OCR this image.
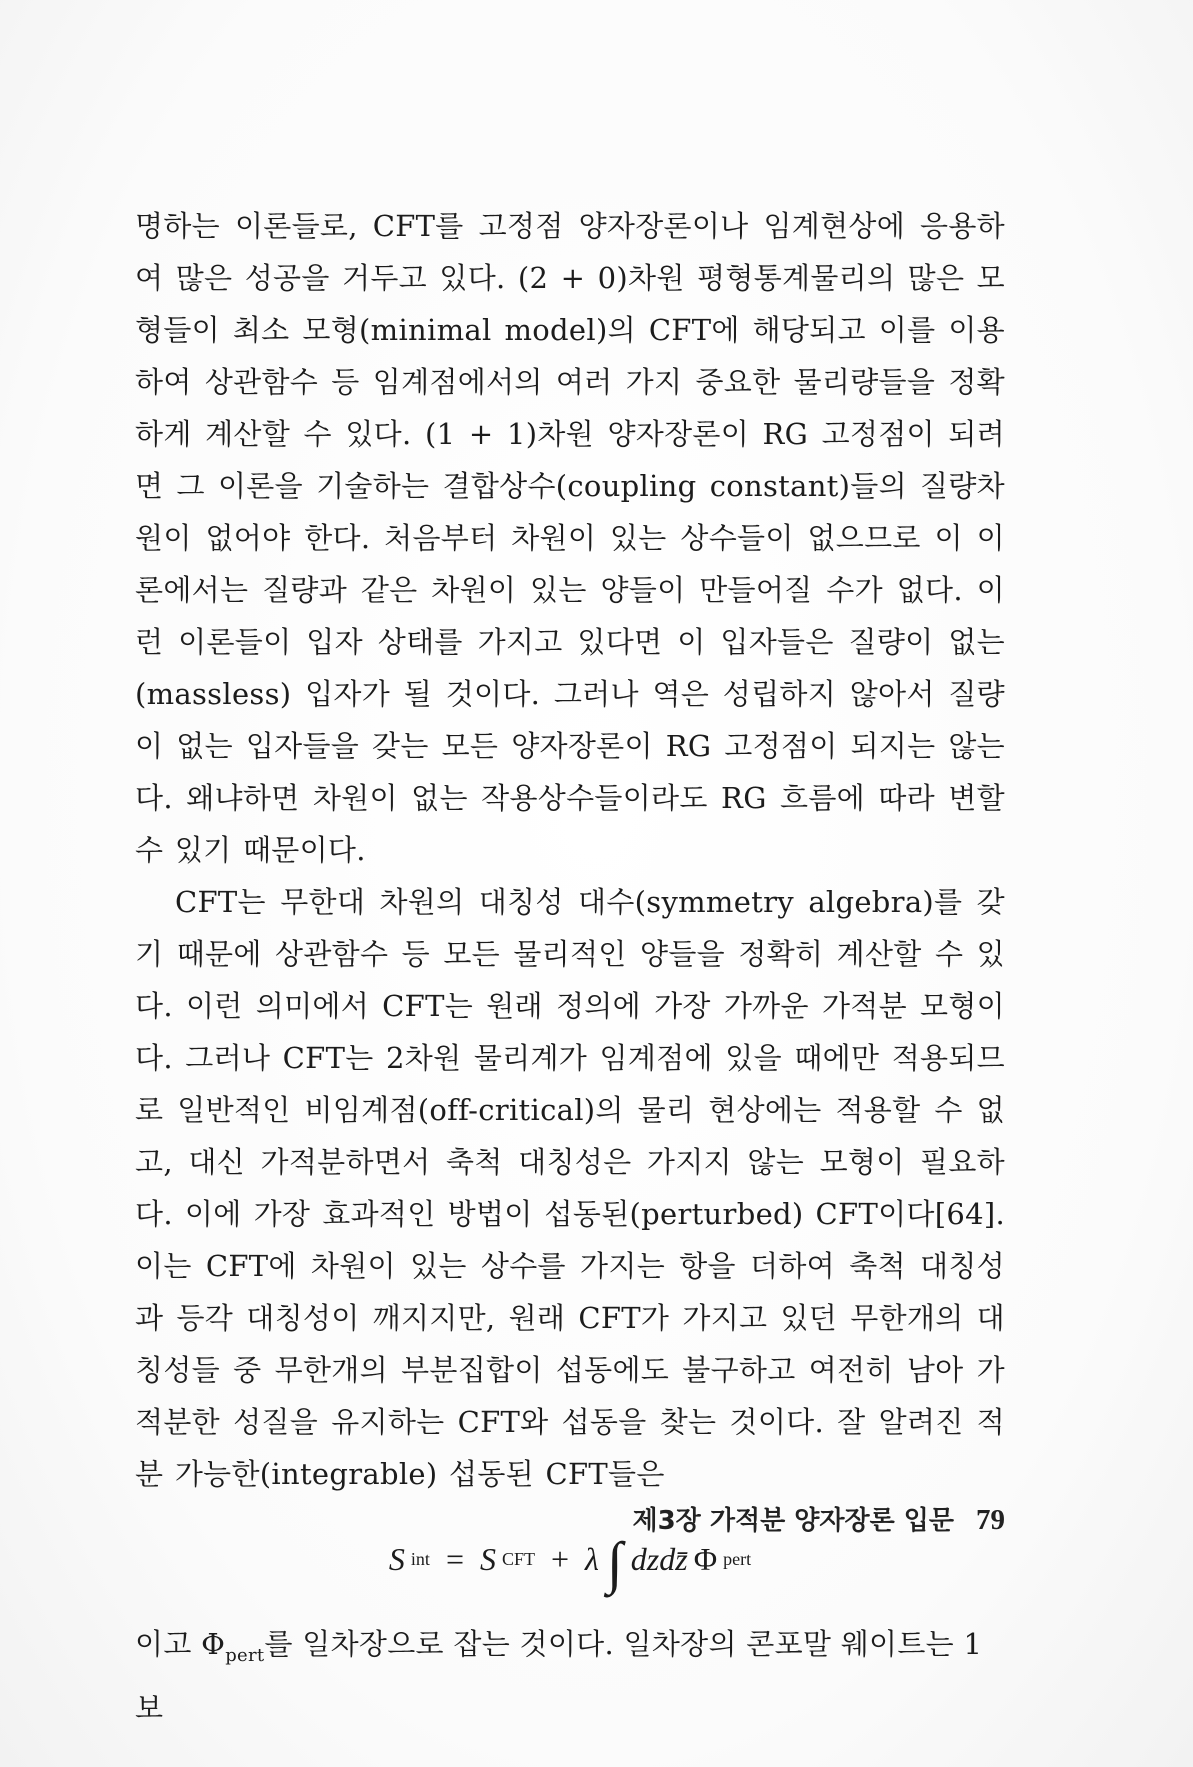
명하는 이론들로, CFT를 고정점 양자장론이나 임계현상에 응용하여 많은 성공을 거두고 있다. (2 + 0)차원 평형통계물리의 많은 모형들이 최소 모형(minimal model)의 CFT에 해당되고 이를 이용하여 상관함수 등 임계점에서의 여러 가지 중요한 물리량들을 정확하게 계산할 수 있다. (1 + 1)차원 양자장론이 RG 고정점이 되려면 그 이론을 기술하는 결합상수(coupling constant)들의 질량차원이 없어야 한다. 처음부터 차원이 있는 상수들이 없으므로 이 이론에서는 질량과 같은 차원이 있는 양들이 만들어질 수가 없다. 이런 이론들이 입자 상태를 가지고 있다면 이 입자들은 질량이 없는(massless) 입자가 될 것이다. 그러나 역은 성립하지 않아서 질량이 없는 입자들을 갖는 모든 양자장론이 RG 고정점이 되지는 않는다. 왜냐하면 차원이 없는 작용상수들이라도 RG 흐름에 따라 변할 수 있기 때문이다.

CFT는 무한대 차원의 대칭성 대수(symmetry algebra)를 갖기 때문에 상관함수 등 모든 물리적인 양들을 정확히 계산할 수 있다. 이런 의미에서 CFT는 원래 정의에 가장 가까운 가적분 모형이다. 그러나 CFT는 2차원 물리계가 임계점에 있을 때에만 적용되므로 일반적인 비임계점(off-critical)의 물리 현상에는 적용할 수 없고, 대신 가적분하면서 축척 대칭성은 가지지 않는 모형이 필요하다. 이에 가장 효과적인 방법이 섭동된(perturbed) CFT이다[64]. 이는 CFT에 차원이 있는 상수를 가지는 항을 더하여 축척 대칭성과 등각 대칭성이 깨지지만, 원래 CFT가 가지고 있던 무한개의 대칭성들 중 무한개의 부분집합이 섭동에도 불구하고 여전히 남아 가적분한 성질을 유지하는 CFT와 섭동을 찾는 것이다. 잘 알려진 적분 가능한(integrable) 섭동된 CFT들은

S int = S CFT + λ ∫ dzdz̄ Φ pert

이고 $\Phi_{pert}$를 일차장으로 잡는 것이다. 일차장의 콘포말 웨이트는 1보

제3장 가적분 양자장론 입문 79
